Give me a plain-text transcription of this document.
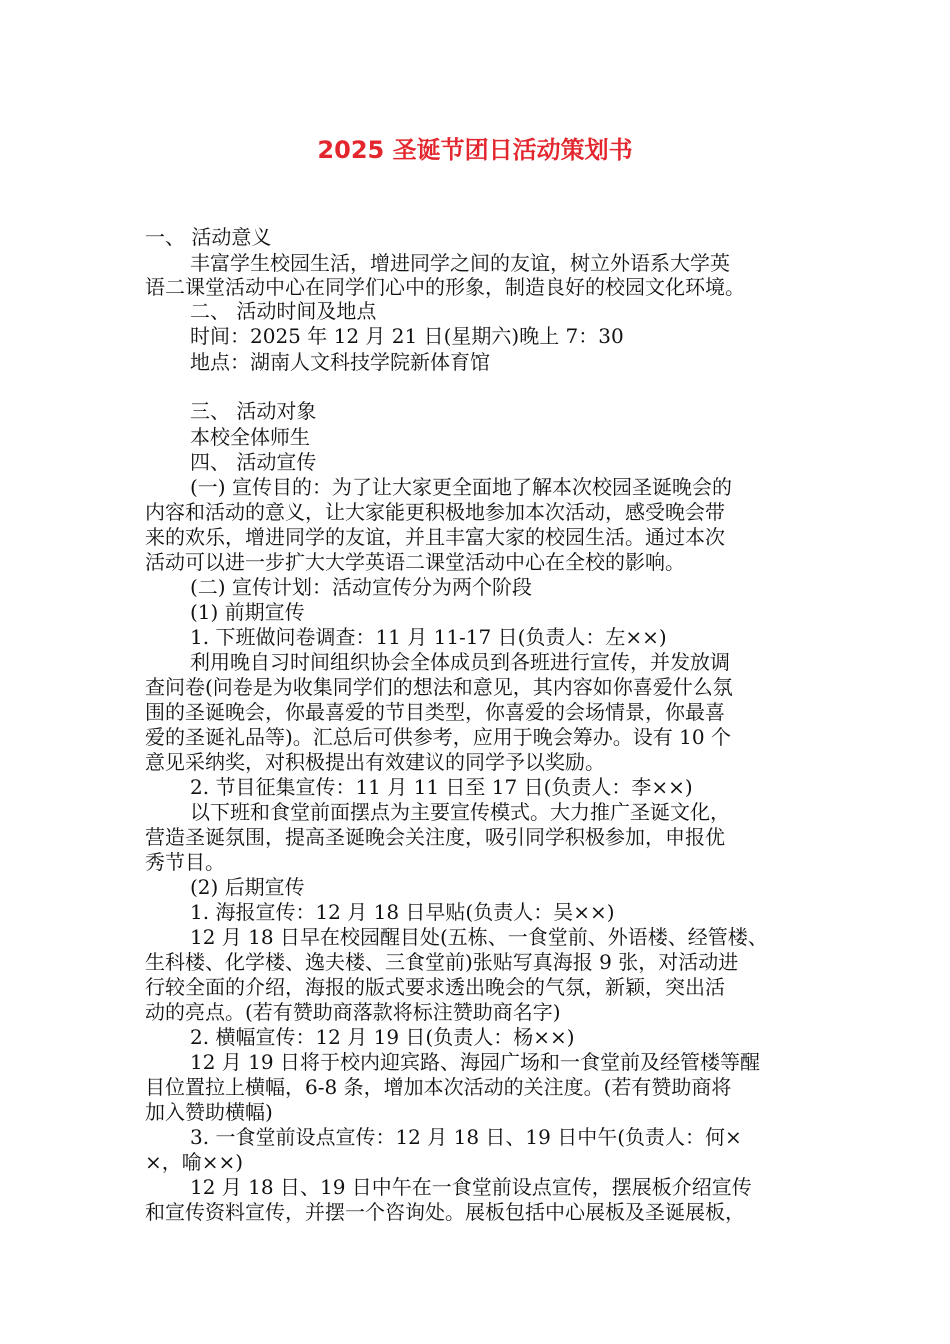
2025 圣诞节团日活动策划书
一、 活动意义
丰富学生校园生活，增进同学之间的友谊，树立外语系大学英
语二课堂活动中心在同学们心中的形象，制造良好的校园文化环境。
二、 活动时间及地点
时间：2025 年 12 月 21 日(星期六)晚上 7：30
地点：湖南人文科技学院新体育馆
三、 活动对象
本校全体师生
四、 活动宣传
(一) 宣传目的：为了让大家更全面地了解本次校园圣诞晚会的
内容和活动的意义，让大家能更积极地参加本次活动，感受晚会带
来的欢乐，增进同学的友谊，并且丰富大家的校园生活。通过本次
活动可以进一步扩大大学英语二课堂活动中心在全校的影响。
(二) 宣传计划：活动宣传分为两个阶段
(1) 前期宣传
1. 下班做问卷调查：11 月 11-17 日(负责人：左××)
利用晚自习时间组织协会全体成员到各班进行宣传，并发放调
查问卷(问卷是为收集同学们的想法和意见，其内容如你喜爱什么氛
围的圣诞晚会，你最喜爱的节目类型，你喜爱的会场情景，你最喜
爱的圣诞礼品等)。汇总后可供参考，应用于晚会筹办。设有 10 个
意见采纳奖，对积极提出有效建议的同学予以奖励。
2. 节目征集宣传：11 月 11 日至 17 日(负责人：李××)
以下班和食堂前面摆点为主要宣传模式。大力推广圣诞文化，
营造圣诞氛围，提高圣诞晚会关注度，吸引同学积极参加，申报优
秀节目。
(2) 后期宣传
1. 海报宣传：12 月 18 日早贴(负责人：吴××)
12 月 18 日早在校园醒目处(五栋、一食堂前、外语楼、经管楼、
生科楼、化学楼、逸夫楼、三食堂前)张贴写真海报 9 张，对活动进
行较全面的介绍，海报的版式要求透出晚会的气氛，新颖，突出活
动的亮点。(若有赞助商落款将标注赞助商名字)
2. 横幅宣传：12 月 19 日(负责人：杨××)
12 月 19 日将于校内迎宾路、海园广场和一食堂前及经管楼等醒
目位置拉上横幅，6-8 条，增加本次活动的关注度。(若有赞助商将
加入赞助横幅)
3. 一食堂前设点宣传：12 月 18 日、19 日中午(负责人：何×
×，喻××)
12 月 18 日、19 日中午在一食堂前设点宣传，摆展板介绍宣传
和宣传资料宣传，并摆一个咨询处。展板包括中心展板及圣诞展板，
